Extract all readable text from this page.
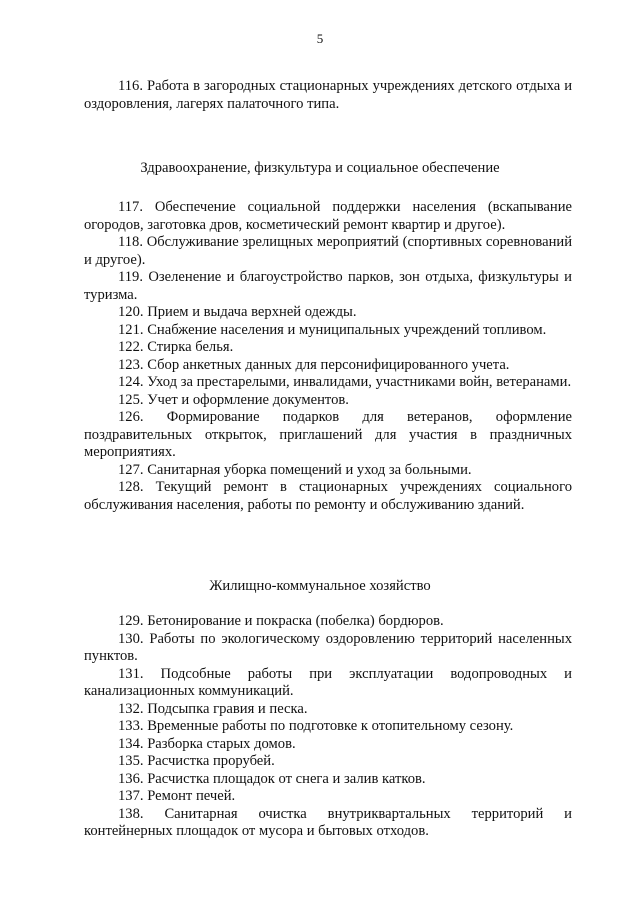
5

116. Работа в загородных стационарных учреждениях детского отдыха и оздоровления, лагерях палаточного типа.

Здравоохранение, физкультура и социальное обеспечение

117. Обеспечение социальной поддержки населения (вскапывание огородов, заготовка дров, косметический ремонт квартир и другое).

118. Обслуживание зрелищных мероприятий (спортивных соревнований и другое).

119. Озеленение и благоустройство парков, зон отдыха, физкультуры и туризма.

120. Прием и выдача верхней одежды.

121. Снабжение населения и муниципальных учреждений топливом.

122. Стирка белья.

123. Сбор анкетных данных для персонифицированного учета.

124. Уход за престарелыми, инвалидами, участниками войн, ветеранами.

125. Учет и оформление документов.

126. Формирование подарков для ветеранов, оформление поздравительных открыток, приглашений для участия в праздничных мероприятиях.

127. Санитарная уборка помещений и уход за больными.

128. Текущий ремонт в стационарных учреждениях социального обслуживания населения, работы по ремонту и обслуживанию зданий.

Жилищно-коммунальное хозяйство

129. Бетонирование и покраска (побелка) бордюров.

130. Работы по экологическому оздоровлению территорий населенных пунктов.

131. Подсобные работы при эксплуатации водопроводных и канализационных коммуникаций.

132. Подсыпка гравия и песка.

133. Временные работы по подготовке к отопительному сезону.

134. Разборка старых домов.

135. Расчистка прорубей.

136. Расчистка площадок от снега и залив катков.

137. Ремонт печей.

138. Санитарная очистка внутриквартальных территорий и контейнерных площадок от мусора и бытовых отходов.
